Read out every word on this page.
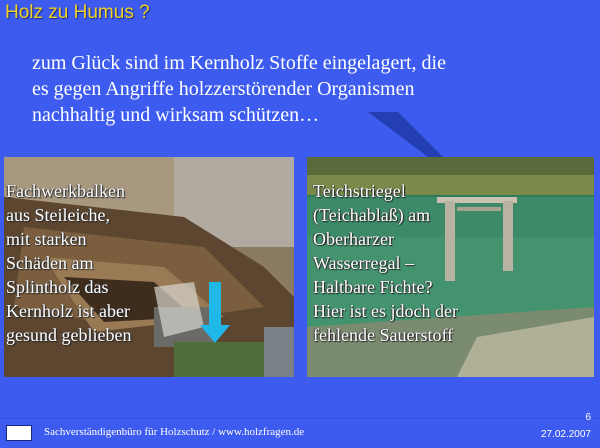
Holz zu Humus ?

zum Glück sind im Kernholz Stoffe eingelagert, die
es gegen Angriffe holzzerstörender Organismen
nachhaltig und wirksam schützen…

Fachwerkbalken
aus Steileiche,
mit starken
Schäden am
Splintholz das
Kernholz ist aber
gesund geblieben

Teichstriegel
(Teichablaß) am
Oberharzer
Wasserregal –
Haltbare Fichte?
Hier ist es jdoch der
fehlende Sauerstoff

Sachverständigenbüro für Holzschutz / www.holzfragen.de
6
27.02.2007
